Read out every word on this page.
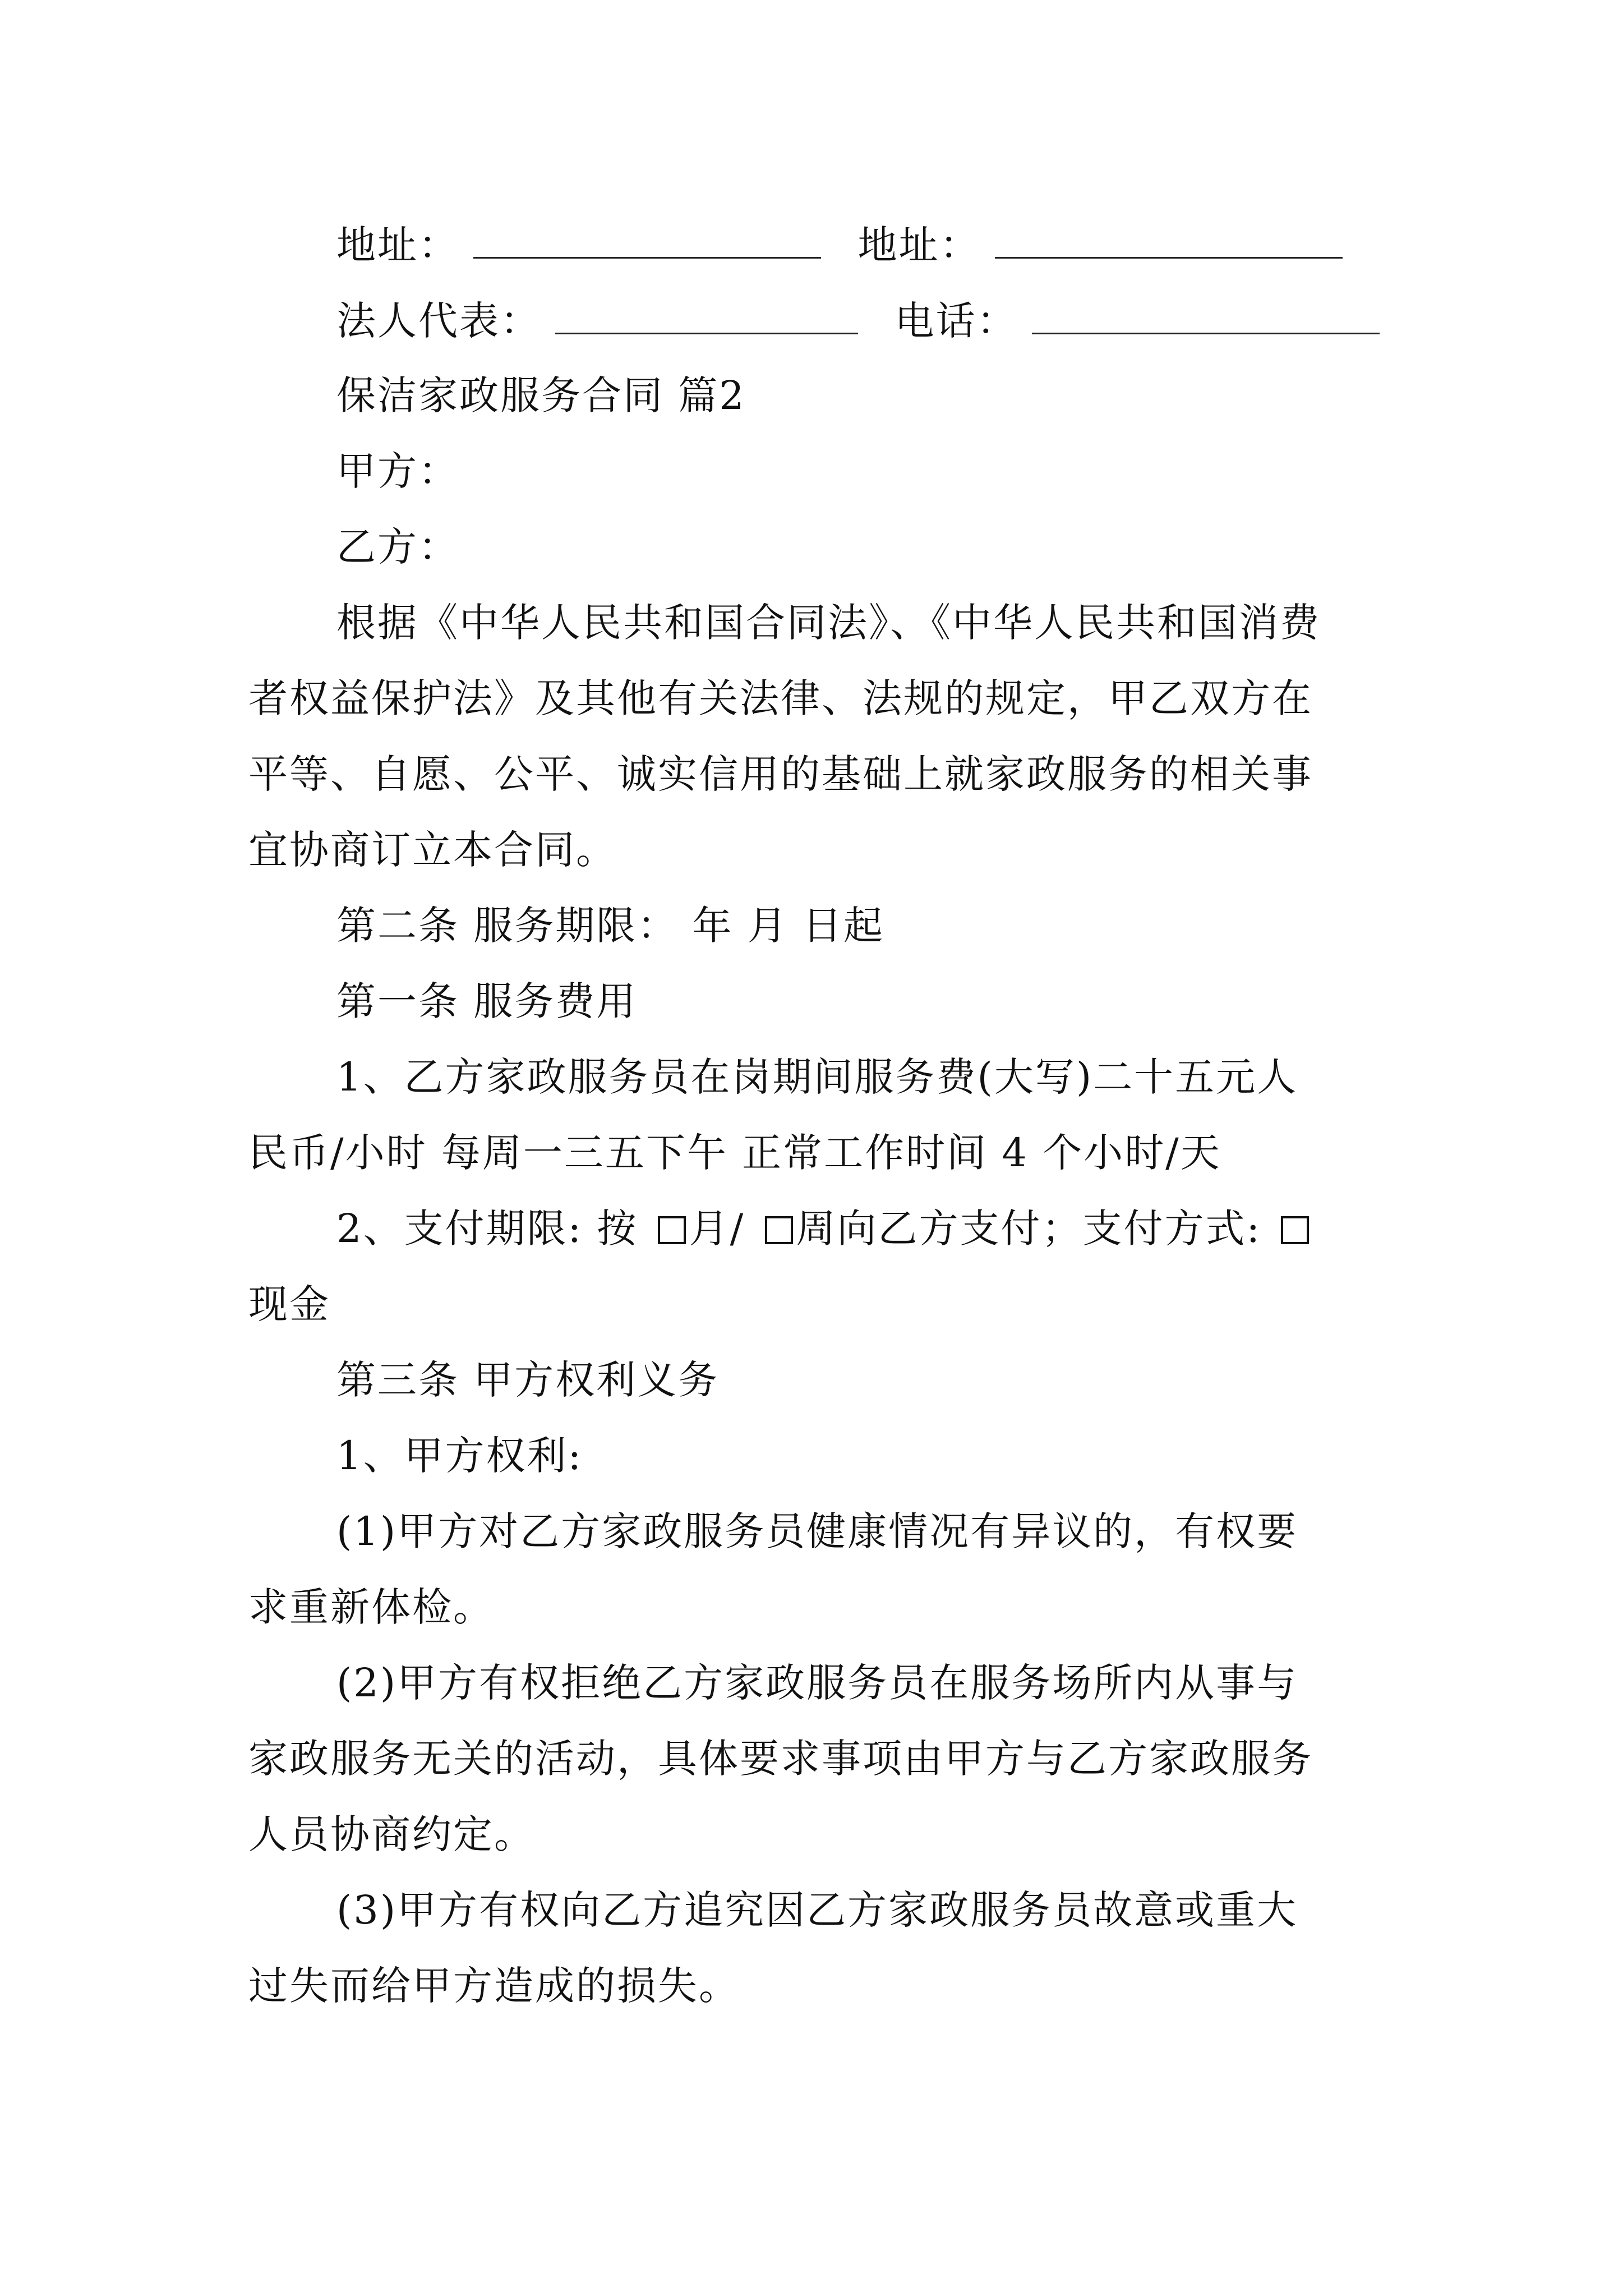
地址：	地址：
法人代表：	电话：
保洁家政服务合同 篇2
甲方：
乙方：
根据《中华人民共和国合同法》、《中华人民共和国消费
者权益保护法》及其他有关法律、法规的规定，甲乙双方在
平等、自愿、公平、诚实信用的基础上就家政服务的相关事
宜协商订立本合同。
第二条 服务期限： 年 月 日起
第一条 服务费用
1、乙方家政服务员在岗期间服务费(大写)二十五元人
民币/小时 每周一三五下午 正常工作时间 4 个小时/天
2、支付期限: 按 月/ 周向乙方支付；支付方式:
现金
第三条 甲方权利义务
1、甲方权利:
(1)甲方对乙方家政服务员健康情况有异议的，有权要
求重新体检。
(2)甲方有权拒绝乙方家政服务员在服务场所内从事与
家政服务无关的活动，具体要求事项由甲方与乙方家政服务
人员协商约定。
(3)甲方有权向乙方追究因乙方家政服务员故意或重大
过失而给甲方造成的损失。
